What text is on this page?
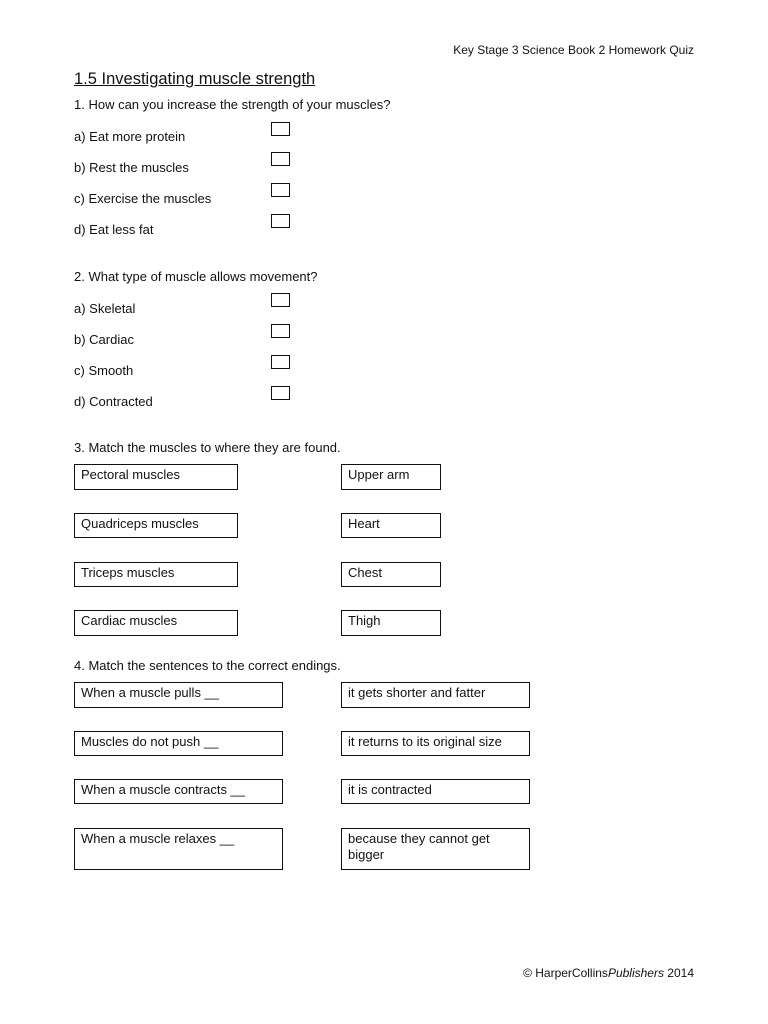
Key Stage 3 Science Book 2 Homework Quiz
1.5 Investigating muscle strength
1. How can you increase the strength of your muscles?
a) Eat more protein
b) Rest the muscles
c) Exercise the muscles
d) Eat less fat
2. What type of muscle allows movement?
a) Skeletal
b) Cardiac
c) Smooth
d) Contracted
3. Match the muscles to where they are found.
Pectoral muscles	Upper arm
Quadriceps muscles	Heart
Triceps muscles	Chest
Cardiac muscles	Thigh
4. Match the sentences to the correct endings.
When a muscle pulls __	it gets shorter and fatter
Muscles do not push __	it returns to its original size
When a muscle contracts __	it is contracted
When a muscle relaxes __	because they cannot get bigger
© HarperCollinsPublishers 2014
